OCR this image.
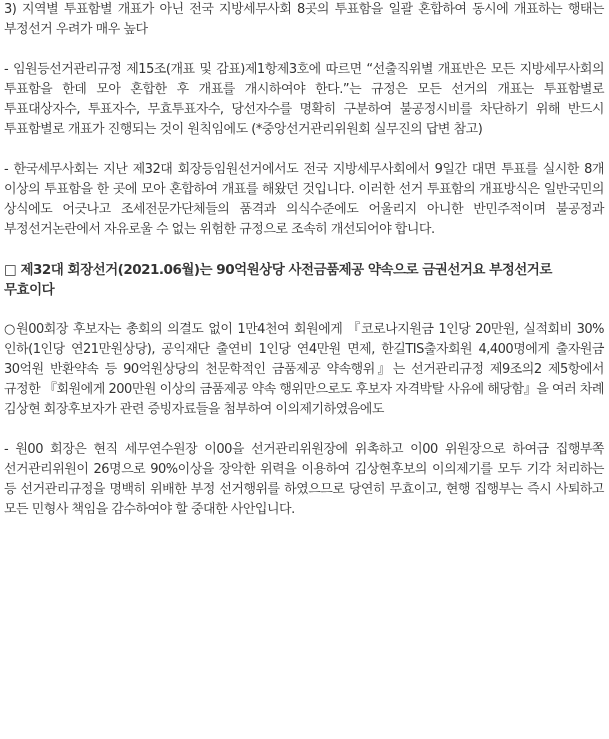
3) 지역별 투표함별 개표가 아닌 전국 지방세무사회 8곳의 투표함을 일괄 혼합하여 동시에 개표하는 행태는 부정선거 우려가 매우 높다

- 임원등선거관리규정 제15조(개표 및 감표)제1항제3호에 따르면 “선출직위별 개표반은 모든 지방세무사회의 투표함을 한데 모아 혼합한 후 개표를 개시하여야 한다.”는 규정은 모든 선거의 개표는 투표함별로 투표대상자수, 투표자수, 무효투표자수, 당선자수를 명확히 구분하여 불공정시비를 차단하기 위해 반드시 투표함별로 개표가 진행되는 것이 원칙임에도 (*중앙선거관리위원회 실무진의 답변 참고)

- 한국세무사회는 지난 제32대 회장등임원선거에서도 전국 지방세무사회에서 9일간 대면 투표를 실시한 8개 이상의 투표함을 한 곳에 모아 혼합하여 개표를 해왔던 것입니다. 이러한 선거 투표함의 개표방식은 일반국민의 상식에도 어긋나고 조세전문가단체들의 품격과 의식수준에도 어울리지 아니한 반민주적이며 불공정과 부정선거논란에서 자유로울 수 없는 위험한 규정으로 조속히 개선되어야 합니다.

□ 제32대 회장선거(2021.06월)는 90억원상당 사전금품제공 약속으로 금권선거요 부정선거로 무효이다

○원00회장 후보자는 총회의 의결도 없이 1만4천여 회원에게 『코로나지원금 1인당 20만원, 실적회비 30%인하(1인당 연21만원상당), 공익재단 출연비 1인당 연4만원 면제, 한길TIS출자회원 4,400명에게 출자원금 30억원 반환약속 등 90억원상당의 천문학적인 금품제공 약속행위』는 선거관리규정 제9조의2 제5항에서 규정한 『회원에게 200만원 이상의 금품제공 약속 행위만으로도 후보자 자격박탈 사유에 해당함』을 여러 차례 김상현 회장후보자가 관련 증빙자료들을 첨부하여 이의제기하였음에도

- 원00 회장은 현직 세무연수원장 이00을 선거관리위원장에 위촉하고 이00 위원장으로 하여금 집행부쪽 선거관리위원이 26명으로 90%이상을 장악한 위력을 이용하여 김상현후보의 이의제기를 모두 기각 처리하는 등 선거관리규정을 명백히 위배한 부정 선거행위를 하였으므로 당연히 무효이고, 현행 집행부는 즉시 사퇴하고 모든 민형사 책임을 감수하여야 할 중대한 사안입니다.
